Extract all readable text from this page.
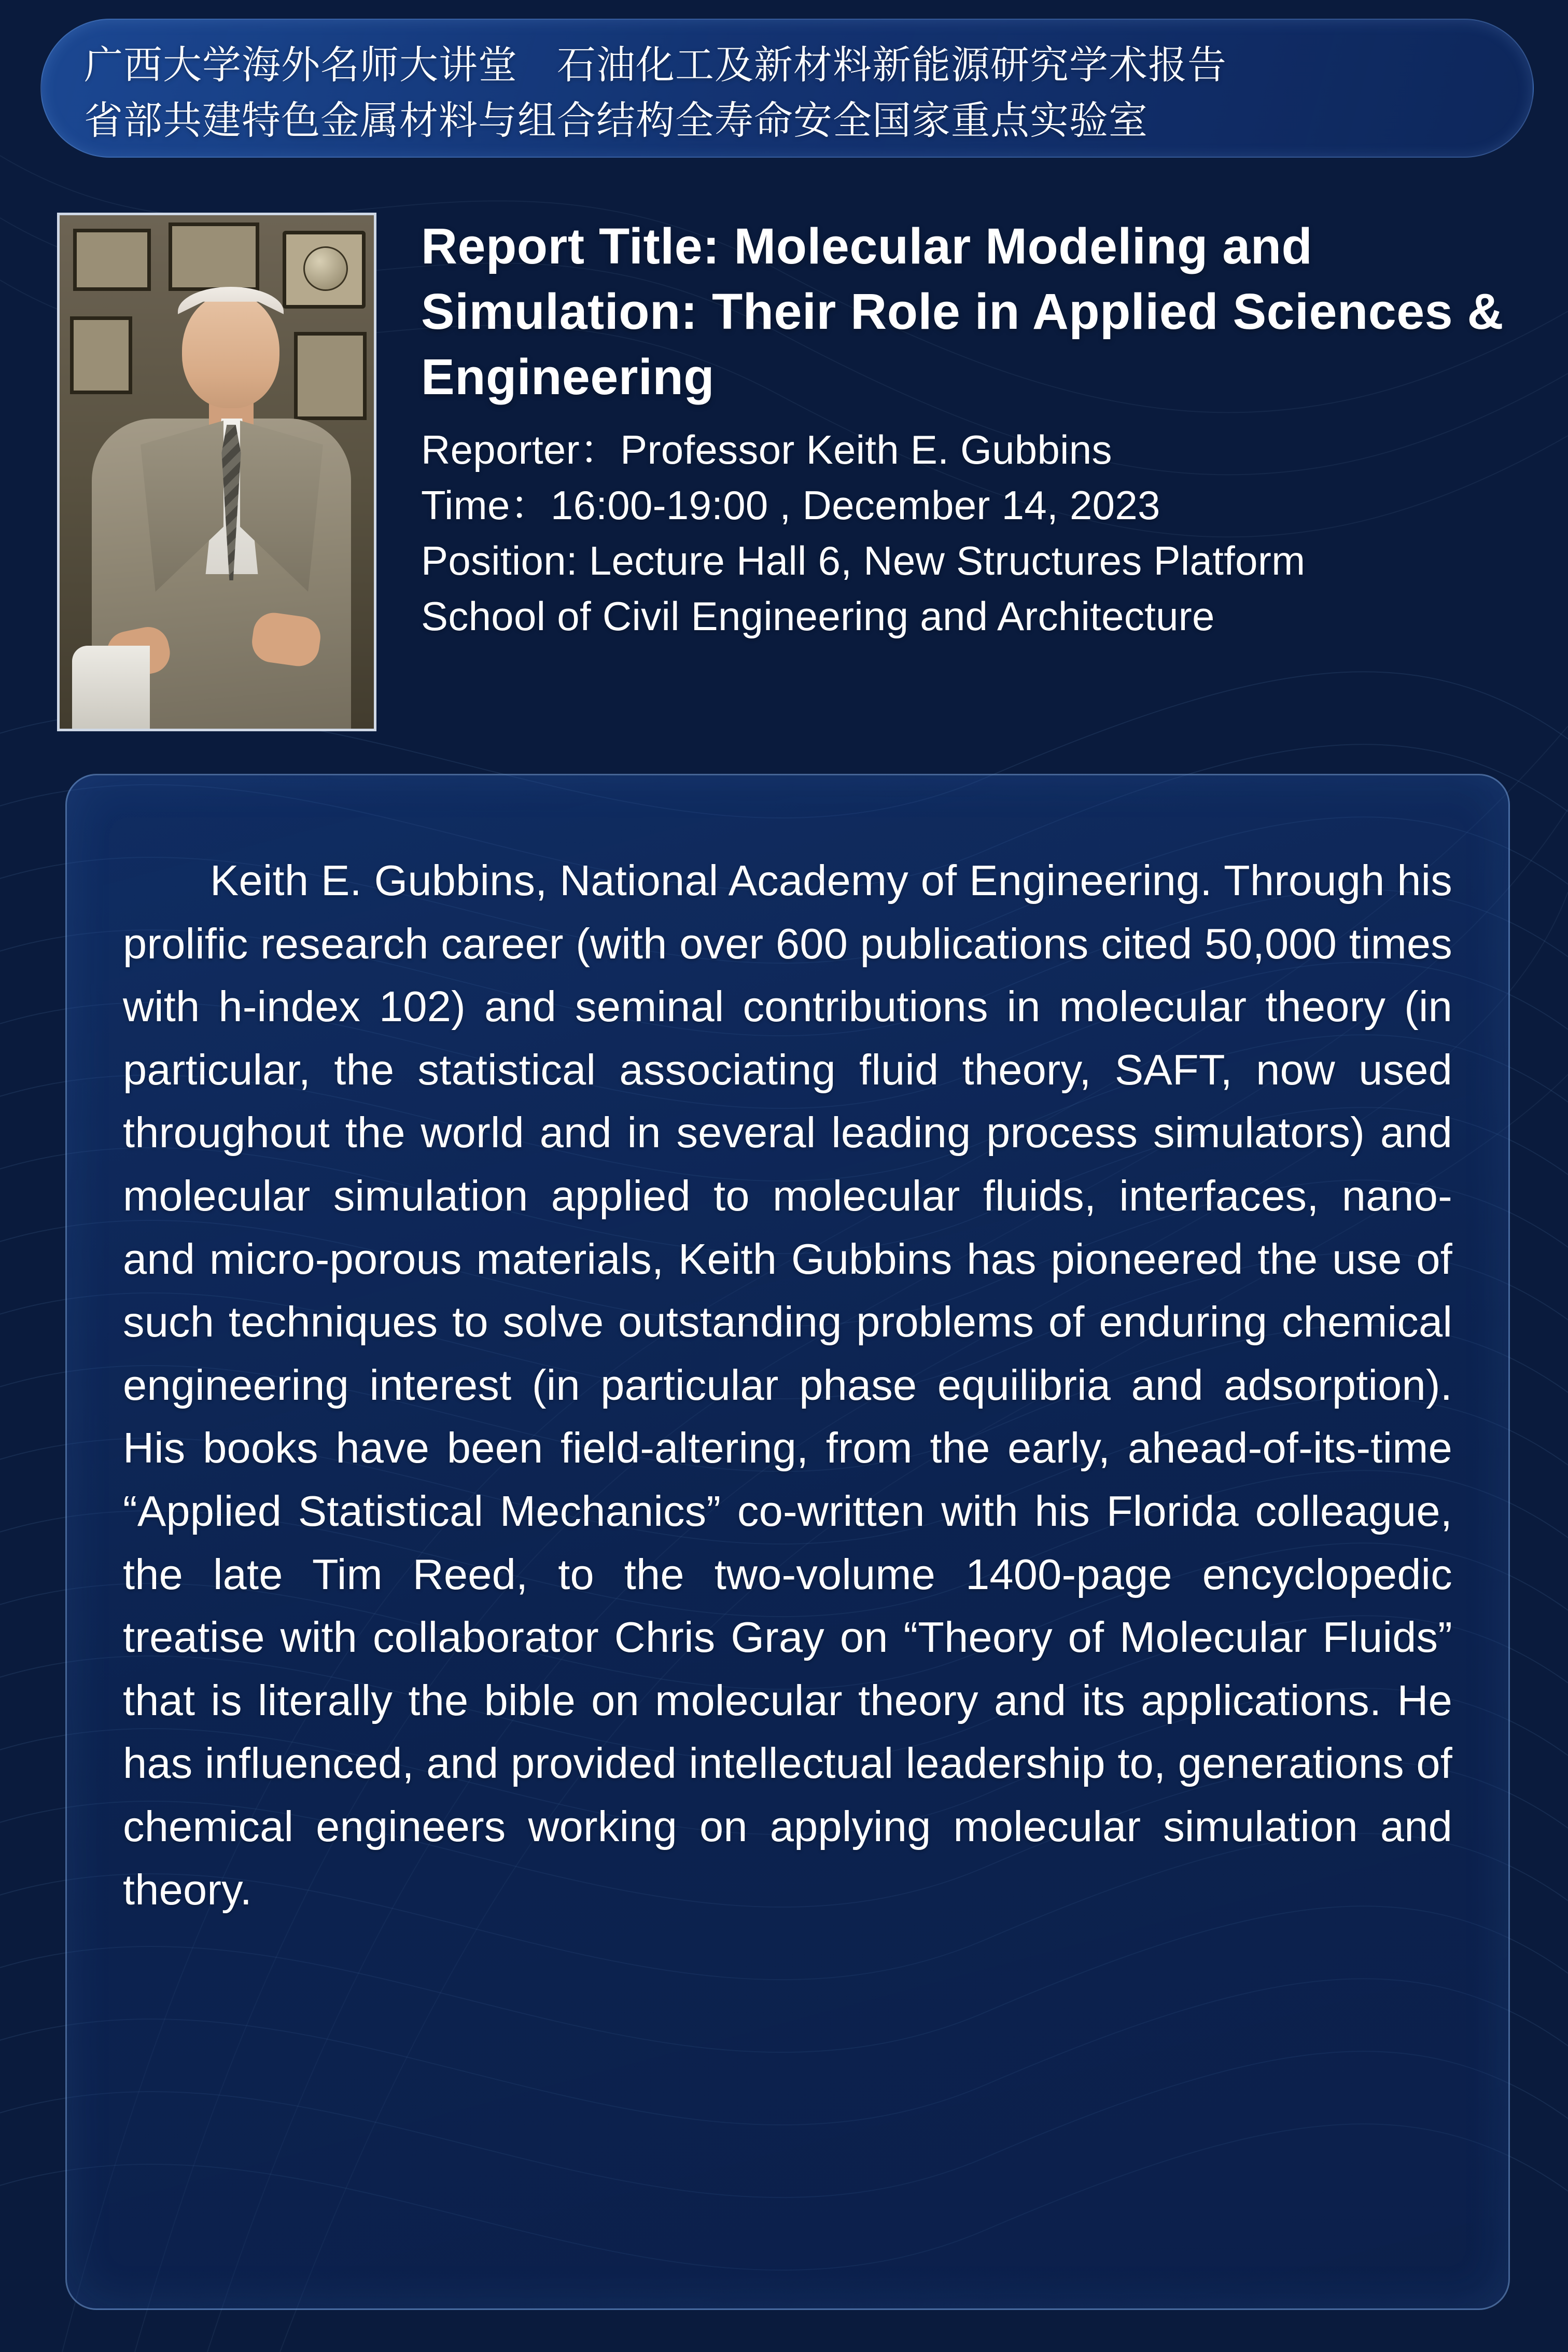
广西大学海外名师大讲堂　石油化工及新材料新能源研究学术报告
省部共建特色金属材料与组合结构全寿命安全国家重点实验室
Report Title: Molecular Modeling and Simulation: Their Role in Applied Sciences & Engineering
Reporter：Professor Keith E. Gubbins
Time：16:00-19:00 , December 14, 2023
Position: Lecture Hall 6, New Structures Platform
School of Civil Engineering and Architecture
Keith E. Gubbins, National Academy of Engineering. Through his prolific research career (with over 600 publications cited 50,000 times with h-index 102) and seminal contributions in molecular theory (in particular, the statistical associating fluid theory, SAFT, now used throughout the world and in several leading process simulators) and molecular simulation applied to molecular fluids, interfaces, nano- and micro-porous materials, Keith Gubbins has pioneered the use of such techniques to solve outstanding problems of enduring chemical engineering interest (in particular phase equilibria and adsorption). His books have been field-altering, from the early, ahead-of-its-time “Applied Statistical Mechanics” co-written with his Florida colleague, the late Tim Reed, to the two-volume 1400-page encyclopedic treatise with collaborator Chris Gray on “Theory of Molecular Fluids” that is literally the bible on molecular theory and its applications. He has influenced, and provided intellectual leadership to, generations of chemical engineers working on applying molecular simulation and theory.
